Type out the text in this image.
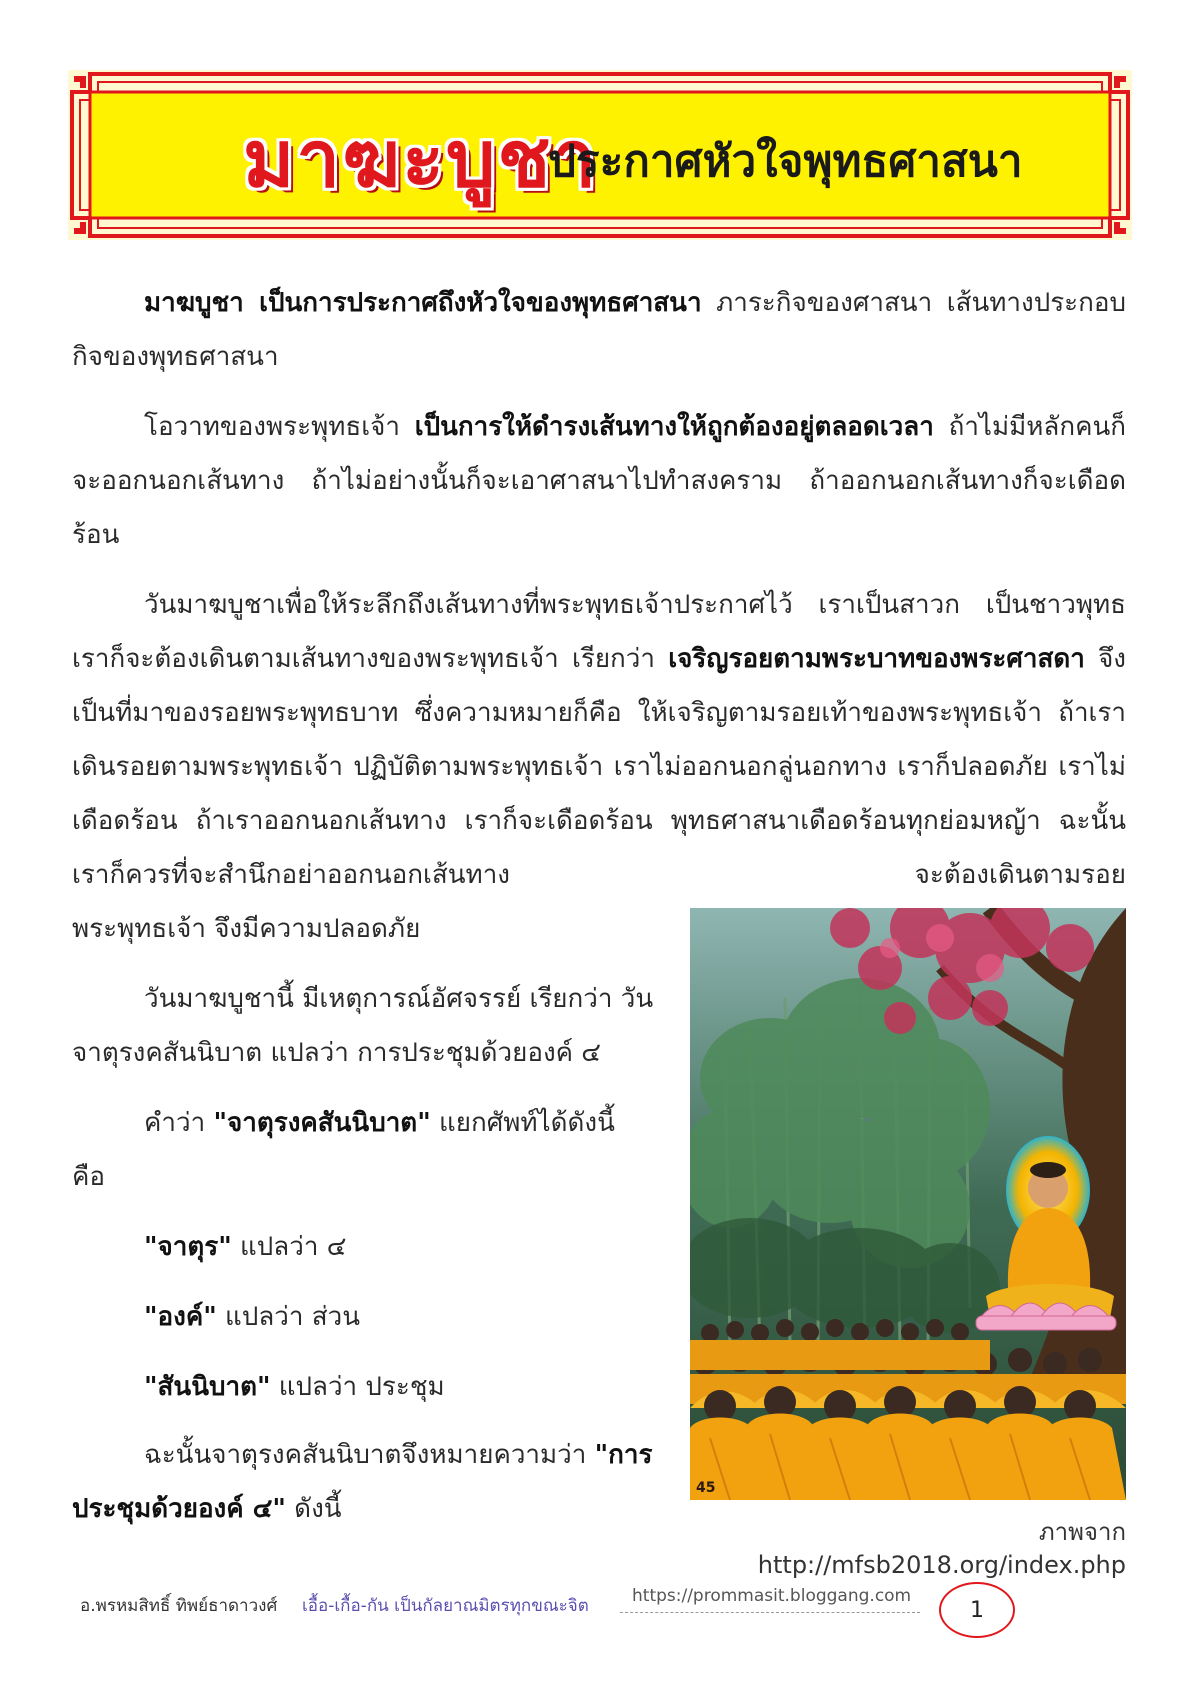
มาฆะบูชา
ประกาศหัวใจพุทธศาสนา

มาฆบูชา เป็นการประกาศถึงหัวใจของพุทธศาสนา ภาระกิจของศาสนา เส้นทางประกอบกิจของพุทธศาสนา

โอวาทของพระพุทธเจ้า เป็นการให้ดำรงเส้นทางให้ถูกต้องอยู่ตลอดเวลา ถ้าไม่มีหลักคนก็จะออกนอกเส้นทาง ถ้าไม่อย่างนั้นก็จะเอาศาสนาไปทำสงคราม ถ้าออกนอกเส้นทางก็จะเดือดร้อน

วันมาฆบูชาเพื่อให้ระลึกถึงเส้นทางที่พระพุทธเจ้าประกาศไว้ เราเป็นสาวก เป็นชาวพุทธ เราก็จะต้องเดินตามเส้นทางของพระพุทธเจ้า เรียกว่า เจริญรอยตามพระบาทของพระศาสดา จึงเป็นที่มาของรอยพระพุทธบาท ซึ่งความหมายก็คือ ให้เจริญตามรอยเท้าของพระพุทธเจ้า ถ้าเราเดินรอยตามพระพุทธเจ้า ปฏิบัติตามพระพุทธเจ้า เราไม่ออกนอกลู่นอกทาง เราก็ปลอดภัย เราไม่เดือดร้อน ถ้าเราออกนอกเส้นทาง เราก็จะเดือดร้อน พุทธศาสนาเดือดร้อนทุกย่อมหญ้า ฉะนั้น เราก็ควรที่จะสำนึกอย่าออกนอกเส้นทาง จะต้องเดินตามรอย

พระพุทธเจ้า จึงมีความปลอดภัย

วันมาฆบูชานี้ มีเหตุการณ์อัศจรรย์ เรียกว่า วัน

จาตุรงคสันนิบาต แปลว่า การประชุมด้วยองค์ ๔

คำว่า "จาตุรงคสันนิบาต" แยกศัพท์ได้ดังนี้

คือ

"จาตุร" แปลว่า ๔

"องค์" แปลว่า ส่วน

"สันนิบาต" แปลว่า ประชุม

ฉะนั้นจาตุรงคสันนิบาตจึงหมายความว่า "การ

ประชุมด้วยองค์ ๔" ดังนี้

45
ภาพจาก http://mfsb2018.org/index.php
อ.พรหมสิทธิ์ ทิพย์ธาดาวงศ์ เอื้อ-เกื้อ-กัน เป็นกัลยาณมิตรทุกขณะจิต	https://prommasit.bloggang.com
1
